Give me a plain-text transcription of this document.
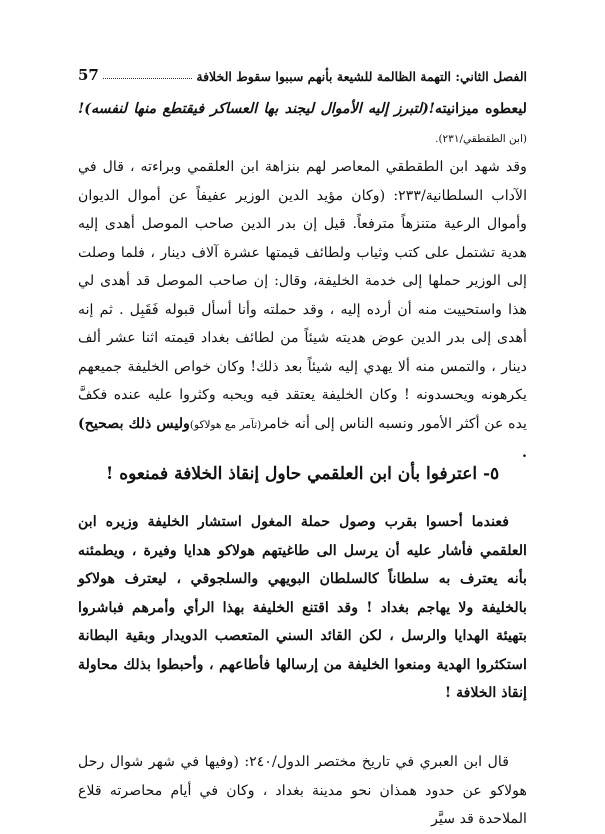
الفصل الثاني: التهمة الظالمة للشيعة بأنهم سببوا سقوط الخلافة
57
ليعطوه ميزانيته!(لتبرز إليه الأموال ليجند بها العساكر فيقتطع منها لنفسه)!(ابن الطقطقي/٢٣١).
وقد شهد ابن الطقطقي المعاصر لهم بنزاهة ابن العلقمي وبراءته ، قال في الآداب السلطانية/٢٣٣: (وكان مؤيد الدين الوزير عفيفاً عن أموال الديوان وأموال الرعية متنزهاً مترفعاً. قيل إن بدر الدين صاحب الموصل أهدى إليه هدية تشتمل على كتب وثياب ولطائف قيمتها عشرة آلاف دينار ، فلما وصلت إلى الوزير حملها إلى خدمة الخليفة، وقال: إن صاحب الموصل قد أهدى لي هذا واستحييت منه أن أرده إليه ، وقد حملته وأنا أسأل قبوله فَقَبِل . ثم إنه أهدى إلى بدر الدين عوض هديته شيئاً من لطائف بغداد قيمته اثنا عشر ألف دينار ، والتمس منه ألا يهدي إليه شيئاً بعد ذلك! وكان خواص الخليفة جميعهم يكرهونه ويحسدونه ! وكان الخليفة يعتقد فيه ويحبه وكثروا عليه عنده فكفَّ يده عن أكثر الأمور ونسبه الناس إلى أنه خامر(تآمر مع هولاكو)وليس ذلك بصحيح) .
٥- اعترفوا بأن ابن العلقمي حاول إنقاذ الخلافة فمنعوه !
فعندما أحسوا بقرب وصول حملة المغول استشار الخليفة وزيره ابن العلقمي فأشار عليه أن يرسل الى طاغيتهم هولاكو هدايا وفيرة ، ويطمئنه بأنه يعترف به سلطاناً كالسلطان البويهي والسلجوقي ، ليعترف هولاكو بالخليفة ولا يهاجم بغداد ! وقد اقتنع الخليفة بهذا الرأي وأمرهم فباشروا بتهيئة الهدايا والرسل ، لكن القائد السني المتعصب الدويدار وبقية البطانة استكثروا الهدية ومنعوا الخليفة من إرسالها فأطاعهم ، وأحبطوا بذلك محاولة إنقاذ الخلافة !
قال ابن العبري في تاريخ مختصر الدول/٢٤٠: (وفيها في شهر شوال رحل هولاكو عن حدود همذان نحو مدينة بغداد ، وكان في أيام محاصرته قلاع الملاحدة قد سيَّر
